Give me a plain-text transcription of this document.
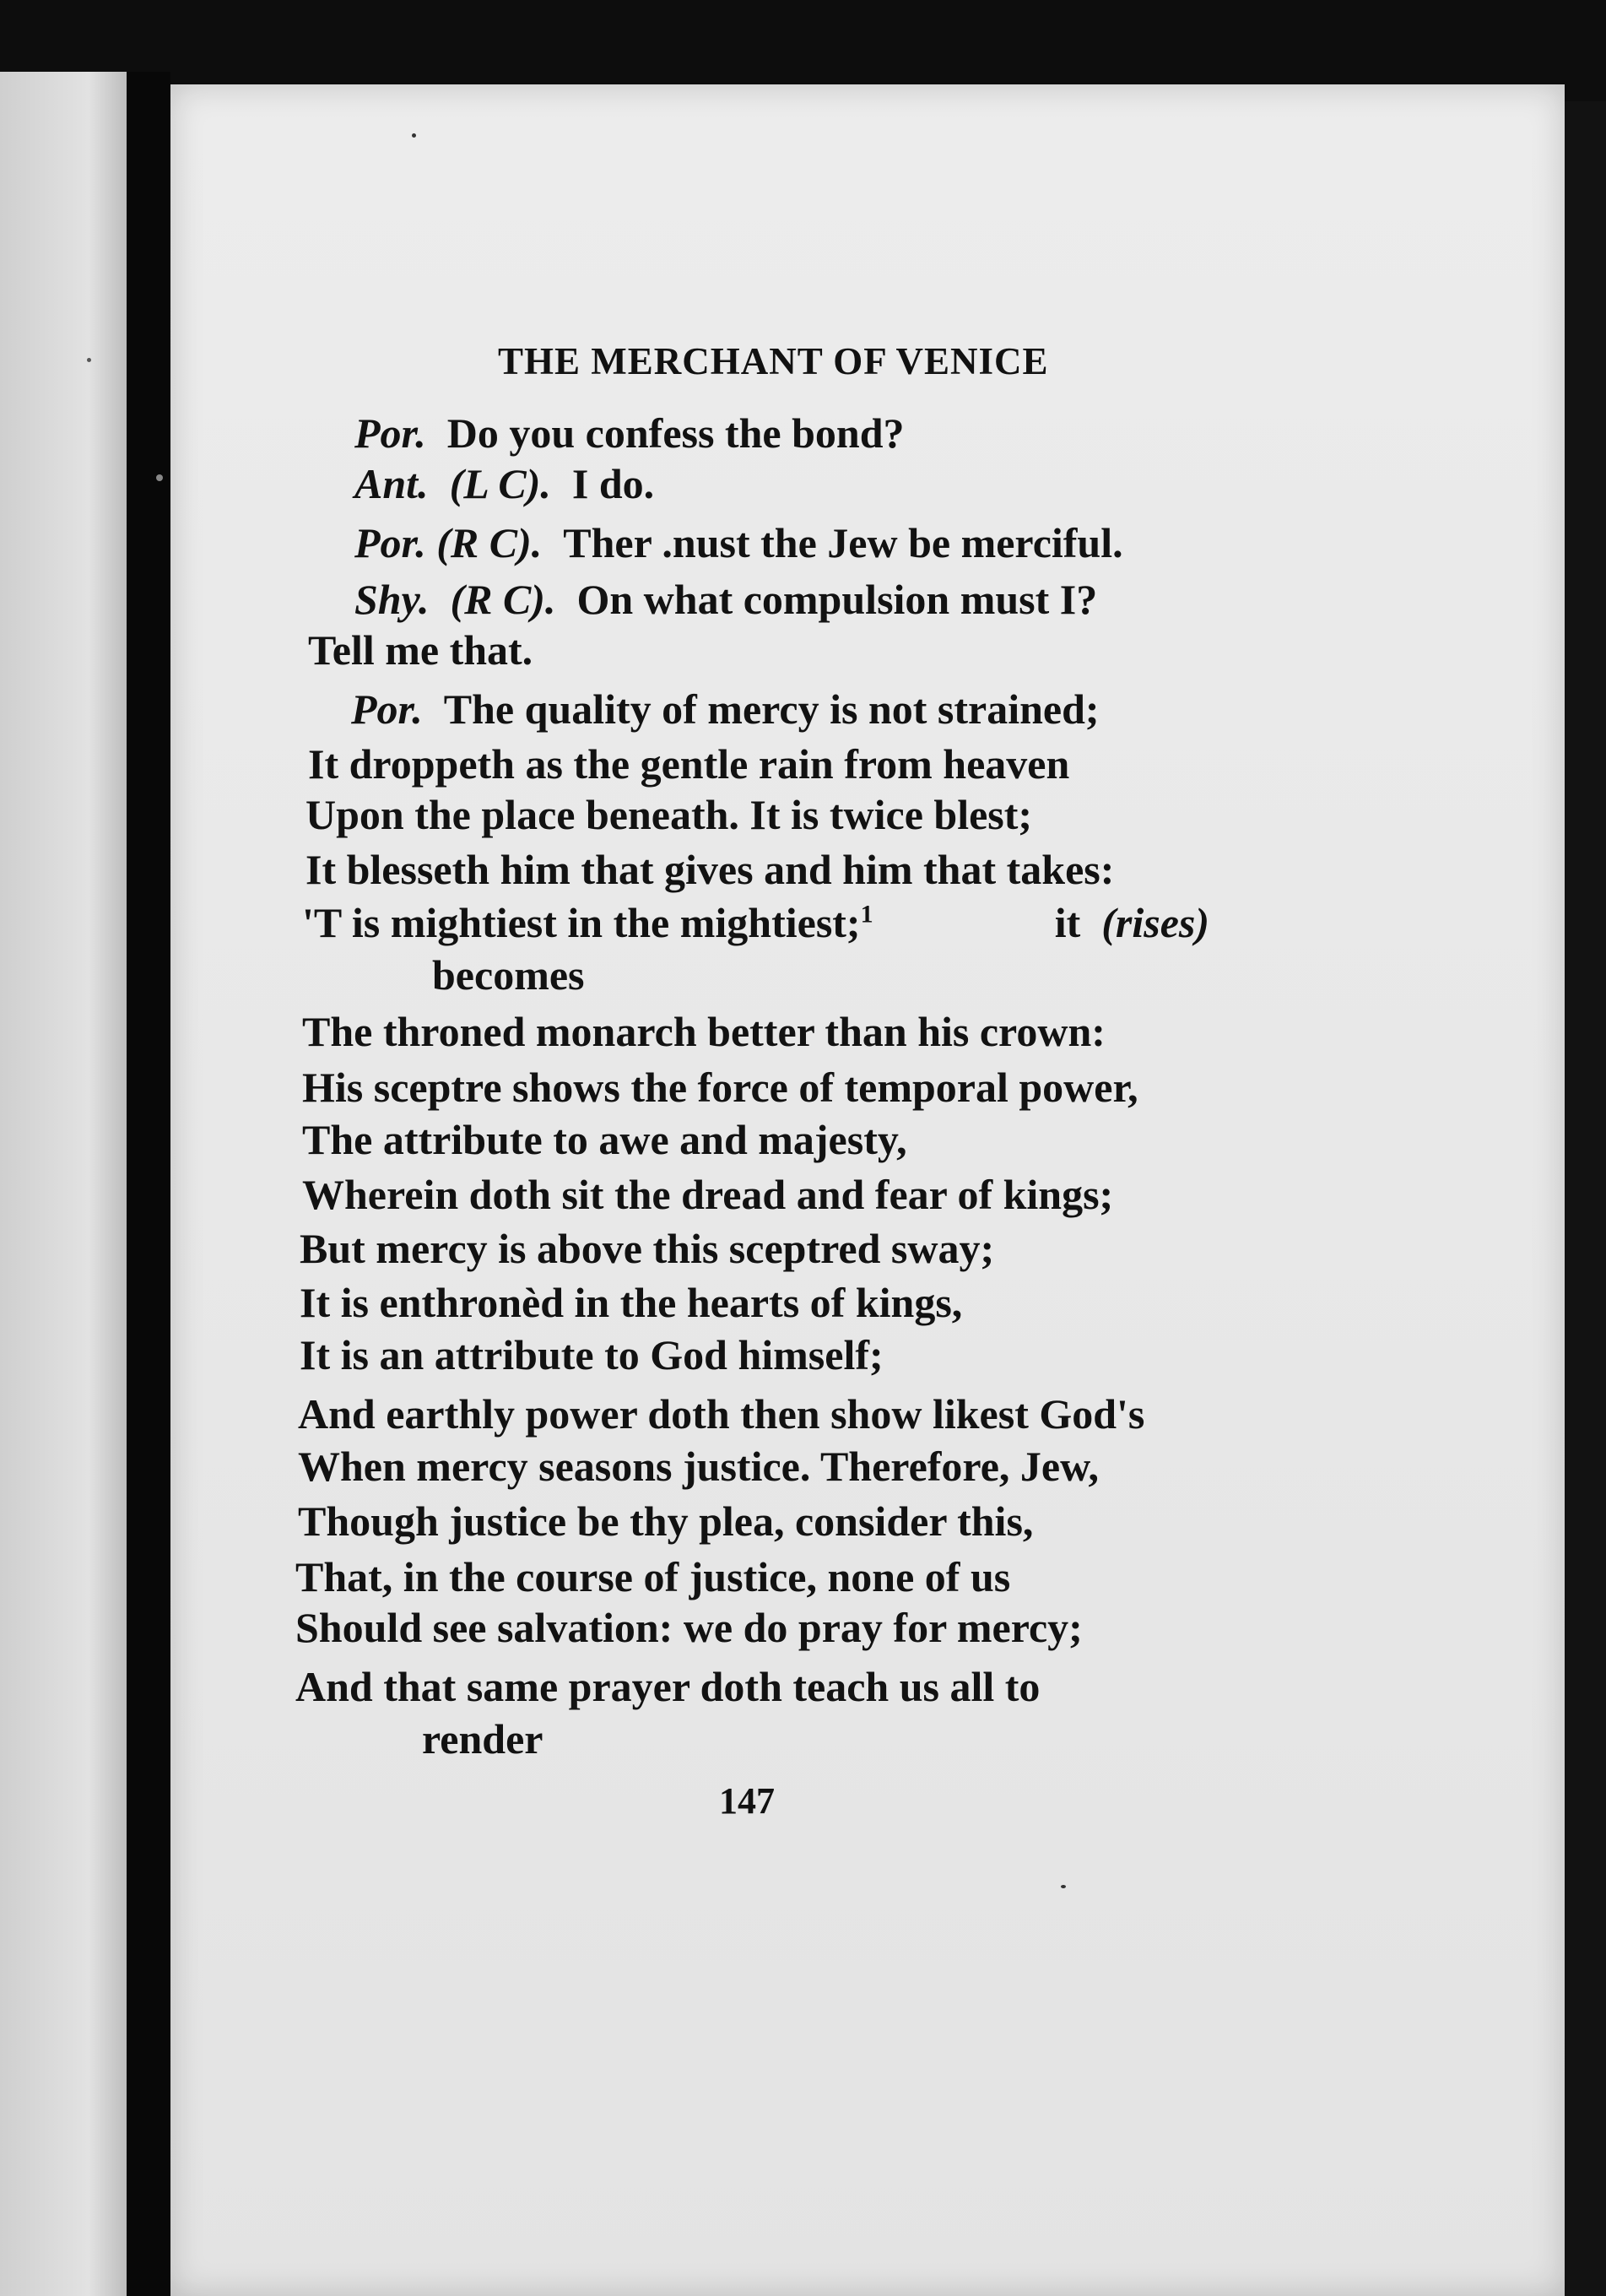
THE MERCHANT OF VENICE
Por. Do you confess the bond?
Ant. (L C). I do.
Por. (R C). Ther .nust the Jew be merciful.
Shy. (R C). On what compulsion must I?
Tell me that.
Por. The quality of mercy is not strained;
It droppeth as the gentle rain from heaven
Upon the place beneath. It is twice blest;
It blesseth him that gives and him that takes:
'T is mightiest in the mightiest;$^1$	it (rises)
becomes
The throned monarch better than his crown:
His sceptre shows the force of temporal power,
The attribute to awe and majesty,
Wherein doth sit the dread and fear of kings;
But mercy is above this sceptred sway;
It is enthronèd in the hearts of kings,
It is an attribute to God himself;
And earthly power doth then show likest God's
When mercy seasons justice. Therefore, Jew,
Though justice be thy plea, consider this,
That, in the course of justice, none of us
Should see salvation: we do pray for mercy;
And that same prayer doth teach us all to
render
147
